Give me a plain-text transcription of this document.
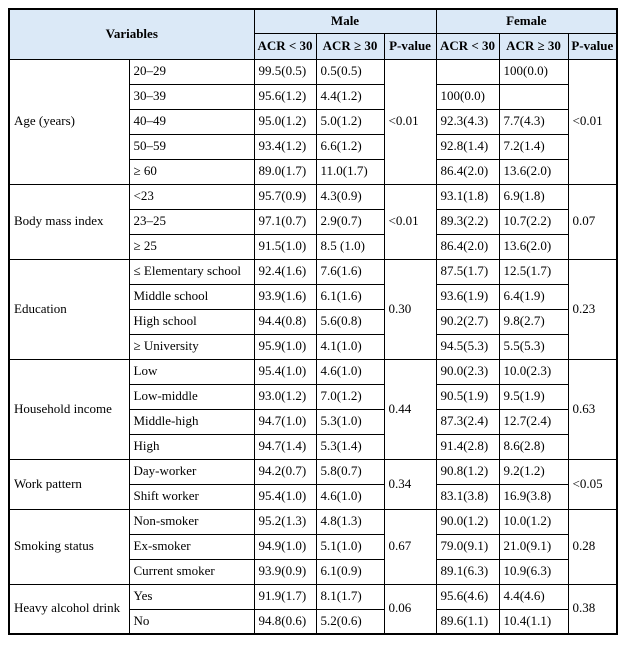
Variables		Male			Female		
		ACR < 30	ACR ≥ 30	P-value	ACR < 30	ACR ≥ 30	P-value
Age (years)	20–29	99.5(0.5)	0.5(0.5)	<0.01		100(0.0)	<0.01
	30–39	95.6(1.2)	4.4(1.2)		100(0.0)		
	40–49	95.0(1.2)	5.0(1.2)		92.3(4.3)	7.7(4.3)	
	50–59	93.4(1.2)	6.6(1.2)		92.8(1.4)	7.2(1.4)	
	≥ 60	89.0(1.7)	11.0(1.7)		86.4(2.0)	13.6(2.0)	
Body mass index	<23	95.7(0.9)	4.3(0.9)	<0.01	93.1(1.8)	6.9(1.8)	0.07
	23–25	97.1(0.7)	2.9(0.7)		89.3(2.2)	10.7(2.2)	
	≥ 25	91.5(1.0)	8.5 (1.0)		86.4(2.0)	13.6(2.0)	
Education	≤ Elementary school	92.4(1.6)	7.6(1.6)	0.30	87.5(1.7)	12.5(1.7)	0.23
	Middle school	93.9(1.6)	6.1(1.6)		93.6(1.9)	6.4(1.9)	
	High school	94.4(0.8)	5.6(0.8)		90.2(2.7)	9.8(2.7)	
	≥ University	95.9(1.0)	4.1(1.0)		94.5(5.3)	5.5(5.3)	
Household income	Low	95.4(1.0)	4.6(1.0)	0.44	90.0(2.3)	10.0(2.3)	0.63
	Low-middle	93.0(1.2)	7.0(1.2)		90.5(1.9)	9.5(1.9)	
	Middle-high	94.7(1.0)	5.3(1.0)		87.3(2.4)	12.7(2.4)	
	High	94.7(1.4)	5.3(1.4)		91.4(2.8)	8.6(2.8)	
Work pattern	Day-worker	94.2(0.7)	5.8(0.7)	0.34	90.8(1.2)	9.2(1.2)	<0.05
	Shift worker	95.4(1.0)	4.6(1.0)		83.1(3.8)	16.9(3.8)	
Smoking status	Non-smoker	95.2(1.3)	4.8(1.3)	0.67	90.0(1.2)	10.0(1.2)	0.28
	Ex-smoker	94.9(1.0)	5.1(1.0)		79.0(9.1)	21.0(9.1)	
	Current smoker	93.9(0.9)	6.1(0.9)		89.1(6.3)	10.9(6.3)	
Heavy alcohol drink	Yes	91.9(1.7)	8.1(1.7)	0.06	95.6(4.6)	4.4(4.6)	0.38
	No	94.8(0.6)	5.2(0.6)		89.6(1.1)	10.4(1.1)	
